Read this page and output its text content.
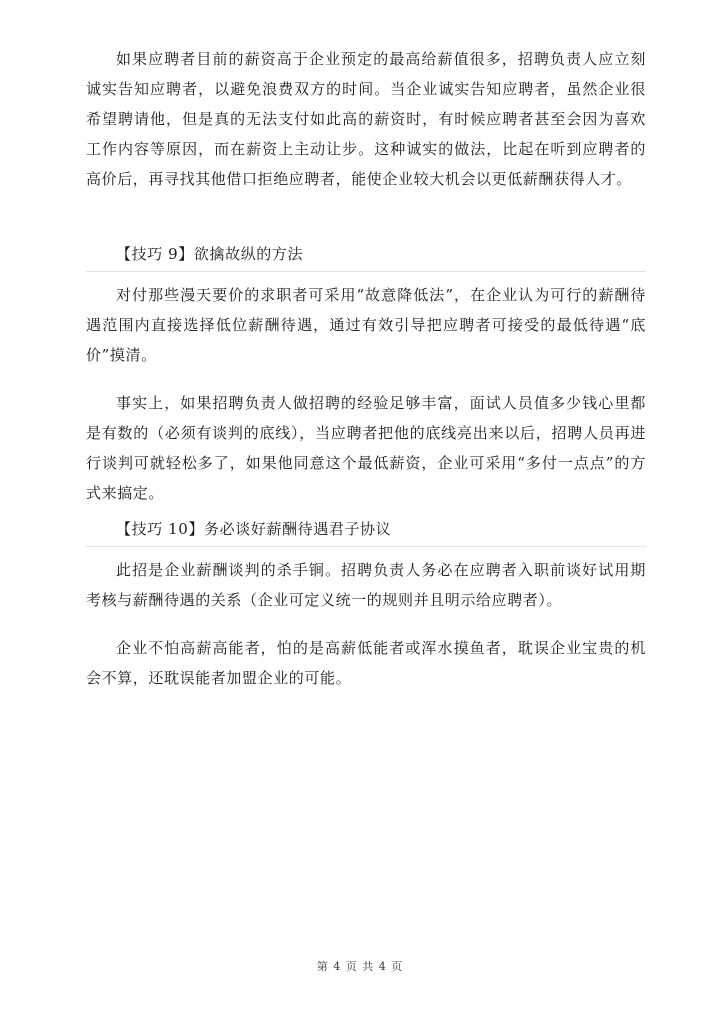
如果应聘者目前的薪资高于企业预定的最高给薪值很多，招聘负责人应立刻诚实告知应聘者，以避免浪费双方的时间。当企业诚实告知应聘者，虽然企业很希望聘请他，但是真的无法支付如此高的薪资时，有时候应聘者甚至会因为喜欢工作内容等原因，而在薪资上主动让步。这种诚实的做法，比起在听到应聘者的高价后，再寻找其他借口拒绝应聘者，能使企业较大机会以更低薪酬获得人才。

【技巧 9】欲擒故纵的方法

对付那些漫天要价的求职者可采用“故意降低法”，在企业认为可行的薪酬待遇范围内直接选择低位薪酬待遇，通过有效引导把应聘者可接受的最低待遇“底价”摸清。

事实上，如果招聘负责人做招聘的经验足够丰富，面试人员值多少钱心里都是有数的（必须有谈判的底线），当应聘者把他的底线亮出来以后，招聘人员再进行谈判可就轻松多了，如果他同意这个最低薪资，企业可采用“多付一点点”的方式来搞定。

【技巧 10】务必谈好薪酬待遇君子协议

此招是企业薪酬谈判的杀手锏。招聘负责人务必在应聘者入职前谈好试用期考核与薪酬待遇的关系（企业可定义统一的规则并且明示给应聘者）。

企业不怕高薪高能者，怕的是高薪低能者或浑水摸鱼者，耽误企业宝贵的机会不算，还耽误能者加盟企业的可能。

第 4 页 共 4 页
